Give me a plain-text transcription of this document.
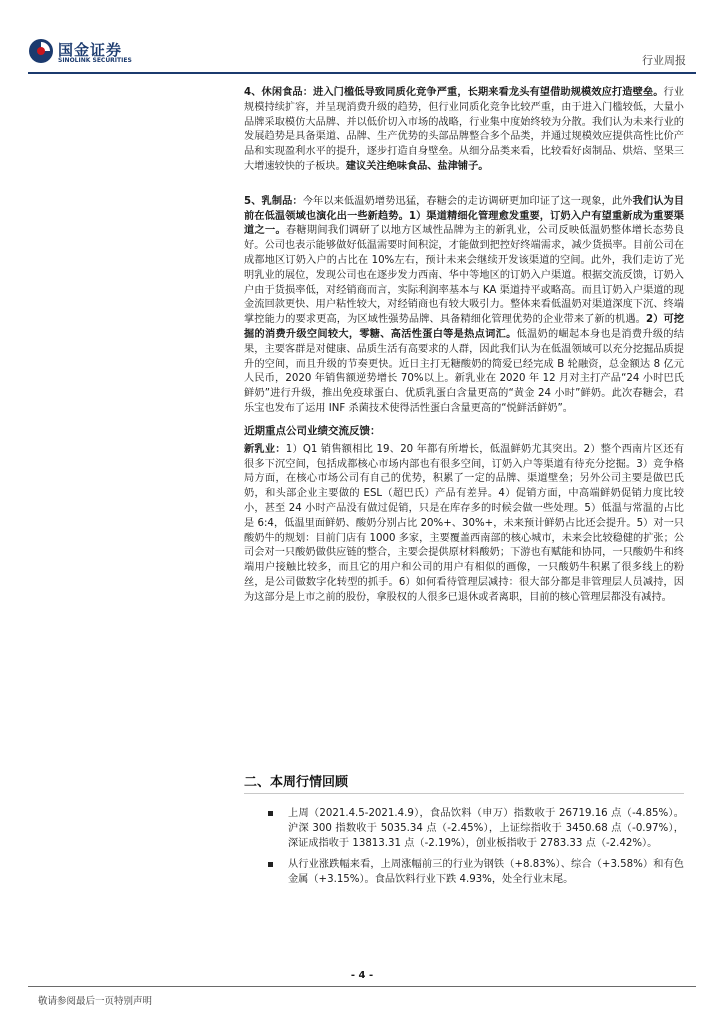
国金证券
SINOLINK SECURITIES	行业周报

4、休闲食品：进入门槛低导致同质化竞争严重，长期来看龙头有望借助规模效应打造壁垒。行业规模持续扩容，并呈现消费升级的趋势，但行业同质化竞争比较严重，由于进入门槛较低，大量小品牌采取模仿大品牌、并以低价切入市场的战略，行业集中度始终较为分散。我们认为未来行业的发展趋势是具备渠道、品牌、生产优势的头部品牌整合多个品类，并通过规模效应提供高性比价产品和实现盈利水平的提升，逐步打造自身壁垒。从细分品类来看，比较看好卤制品、烘焙、坚果三大增速较快的子板块。建议关注绝味食品、盐津铺子。

5、乳制品：今年以来低温奶增势迅猛，春糖会的走访调研更加印证了这一现象，此外我们认为目前在低温领域也演化出一些新趋势。1）渠道精细化管理愈发重要，订奶入户有望重新成为重要渠道之一。春糖期间我们调研了以地方区域性品牌为主的新乳业，公司反映低温奶整体增长态势良好。公司也表示能够做好低温需要时间积淀，才能做到把控好终端需求，减少货损率。目前公司在成都地区订奶入户的占比在 10%左右，预计未来会继续开发该渠道的空间。此外，我们走访了光明乳业的展位，发现公司也在逐步发力西南、华中等地区的订奶入户渠道。根据交流反馈，订奶入户由于货损率低，对经销商而言，实际利润率基本与 KA 渠道持平或略高。而且订奶入户渠道的现金流回款更快、用户粘性较大，对经销商也有较大吸引力。整体来看低温奶对渠道深度下沉、终端掌控能力的要求更高，为区域性强势品牌、具备精细化管理优势的企业带来了新的机遇。2）可挖掘的消费升级空间较大，零糖、高活性蛋白等是热点词汇。低温奶的崛起本身也是消费升级的结果，主要客群是对健康、品质生活有高要求的人群，因此我们认为在低温领域可以充分挖掘品质提升的空间，而且升级的节奏更快。近日主打无糖酸奶的简爱已经完成 B 轮融资，总金额达 8 亿元人民币，2020 年销售额逆势增长 70%以上。新乳业在 2020 年 12 月对主打产品“24 小时巴氏鲜奶”进行升级，推出免疫球蛋白、优质乳蛋白含量更高的“黄金 24 小时”鲜奶。此次春糖会，君乐宝也发布了运用 INF 杀菌技术使得活性蛋白含量更高的“悦鲜活鲜奶”。

近期重点公司业绩交流反馈：

新乳业：1）Q1 销售额相比 19、20 年都有所增长，低温鲜奶尤其突出。2）整个西南片区还有很多下沉空间，包括成都核心市场内部也有很多空间，订奶入户等渠道有待充分挖掘。3）竞争格局方面，在核心市场公司有自己的优势，积累了一定的品牌、渠道壁垒；另外公司主要是做巴氏奶，和头部企业主要做的 ESL（超巴氏）产品有差异。4）促销方面，中高端鲜奶促销力度比较小，甚至 24 小时产品没有做过促销，只是在库存多的时候会做一些处理。5）低温与常温的占比是 6:4，低温里面鲜奶、酸奶分别占比 20%+、30%+，未来预计鲜奶占比还会提升。5）对一只酸奶牛的规划：目前门店有 1000 多家，主要覆盖西南部的核心城市，未来会比较稳健的扩张；公司会对一只酸奶做供应链的整合，主要会提供原材料酸奶；下游也有赋能和协同，一只酸奶牛和终端用户接触比较多，而且它的用户和公司的用户有相似的画像，一只酸奶牛积累了很多线上的粉丝，是公司做数字化转型的抓手。6）如何看待管理层减持：很大部分都是非管理层人员减持，因为这部分是上市之前的股份，拿股权的人很多已退休或者离职，目前的核心管理层都没有减持。

二、本周行情回顾
上周（2021.4.5-2021.4.9），食品饮料（申万）指数收于 26719.16 点（-4.85%）。沪深 300 指数收于 5035.34 点（-2.45%），上证综指收于 3450.68 点（-0.97%），深证成指收于 13813.31 点（-2.19%），创业板指收于 2783.33 点（-2.42%）。
从行业涨跌幅来看，上周涨幅前三的行业为钢铁（+8.83%）、综合（+3.58%）和有色金属（+3.15%）。食品饮料行业下跌 4.93%，处全行业末尾。
- 4 -
敬请参阅最后一页特别声明
